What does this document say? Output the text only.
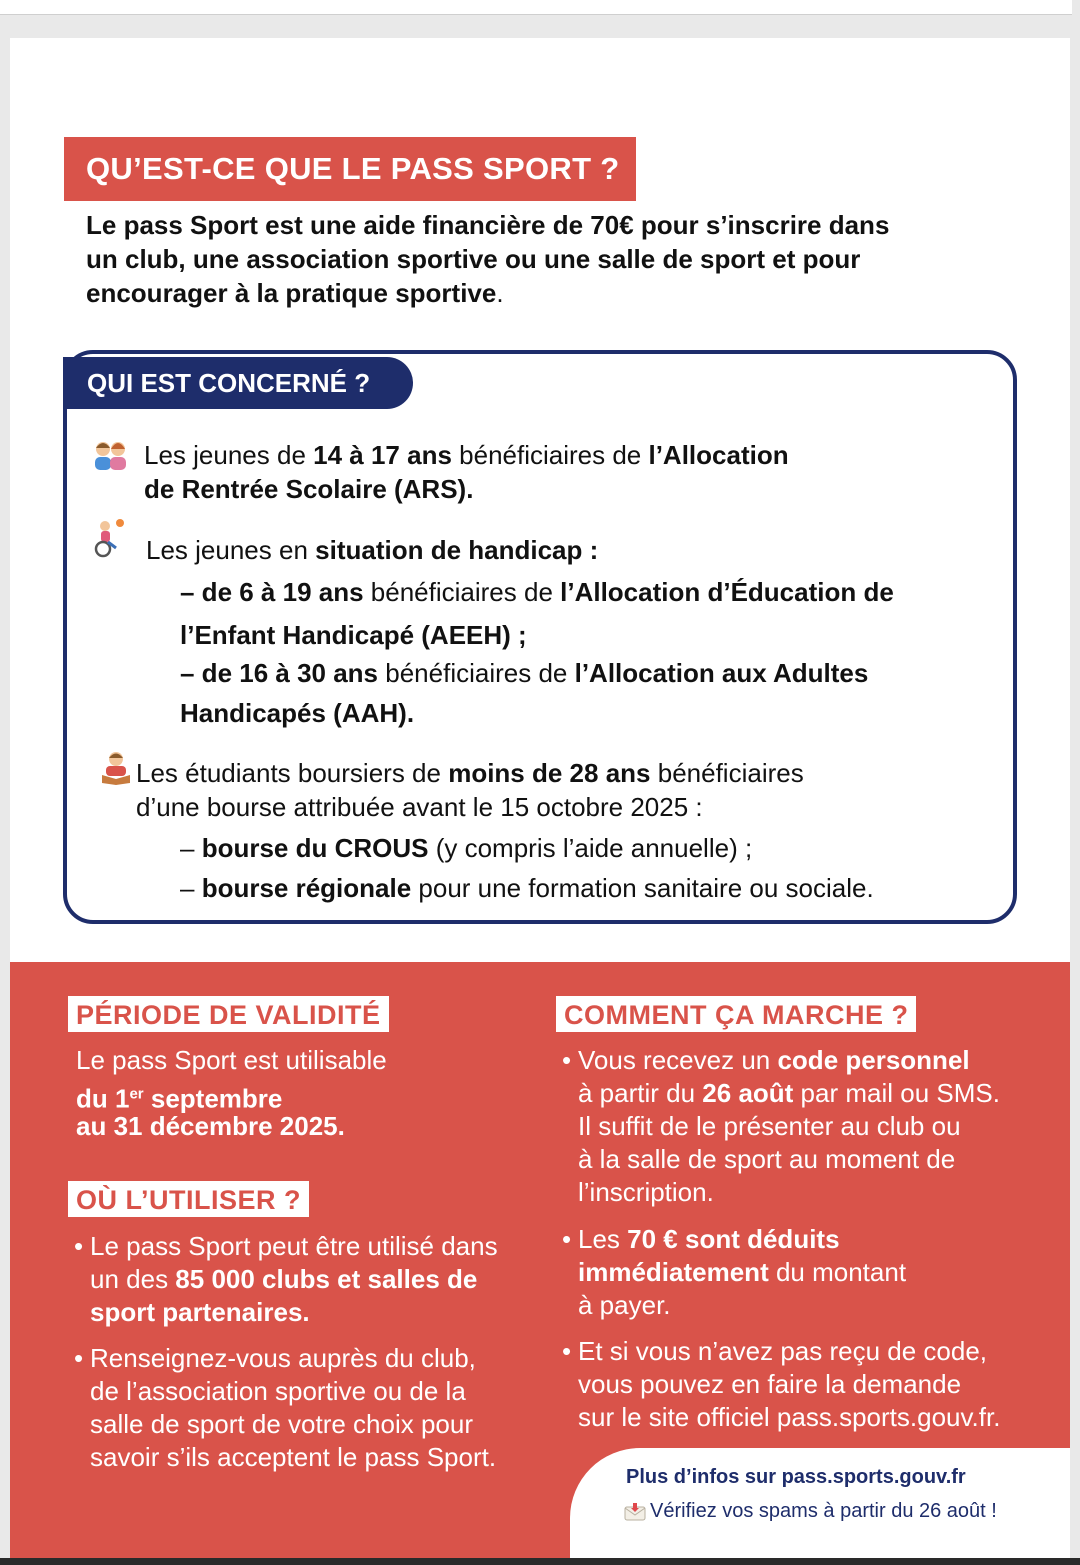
QU’EST-CE QUE LE PASS SPORT ?
Le pass Sport est une aide financière de 70€ pour s’inscrire dans
un club, une association sportive ou une salle de sport et pour
encourager à la pratique sportive.
QUI EST CONCERNÉ ?
Les jeunes de 14 à 17 ans bénéficiaires de l’Allocation
de Rentrée Scolaire (ARS).
Les jeunes en situation de handicap :
– de 6 à 19 ans bénéficiaires de l’Allocation d’Éducation de
l’Enfant Handicapé (AEEH) ;
– de 16 à 30 ans bénéficiaires de l’Allocation aux Adultes
Handicapés (AAH).
Les étudiants boursiers de moins de 28 ans bénéficiaires
d’une bourse attribuée avant le 15 octobre 2025 :
– bourse du CROUS (y compris l’aide annuelle) ;
– bourse régionale pour une formation sanitaire ou sociale.
PÉRIODE DE VALIDITÉ
Le pass Sport est utilisable
du 1er septembre
au 31 décembre 2025.
OÙ L’UTILISER ?
• Le pass Sport peut être utilisé dans
un des 85 000 clubs et salles de
sport partenaires.
• Renseignez-vous auprès du club,
de l’association sportive ou de la
salle de sport de votre choix pour
savoir s’ils acceptent le pass Sport.
COMMENT ÇA MARCHE ?
• Vous recevez un code personnel
à partir du 26 août par mail ou SMS.
Il suffit de le présenter au club ou
à la salle de sport au moment de
l’inscription.
• Les 70 € sont déduits
immédiatement du montant
à payer.
• Et si vous n’avez pas reçu de code,
vous pouvez en faire la demande
sur le site officiel pass.sports.gouv.fr.
Plus d’infos sur pass.sports.gouv.fr
Vérifiez vos spams à partir du 26 août !
